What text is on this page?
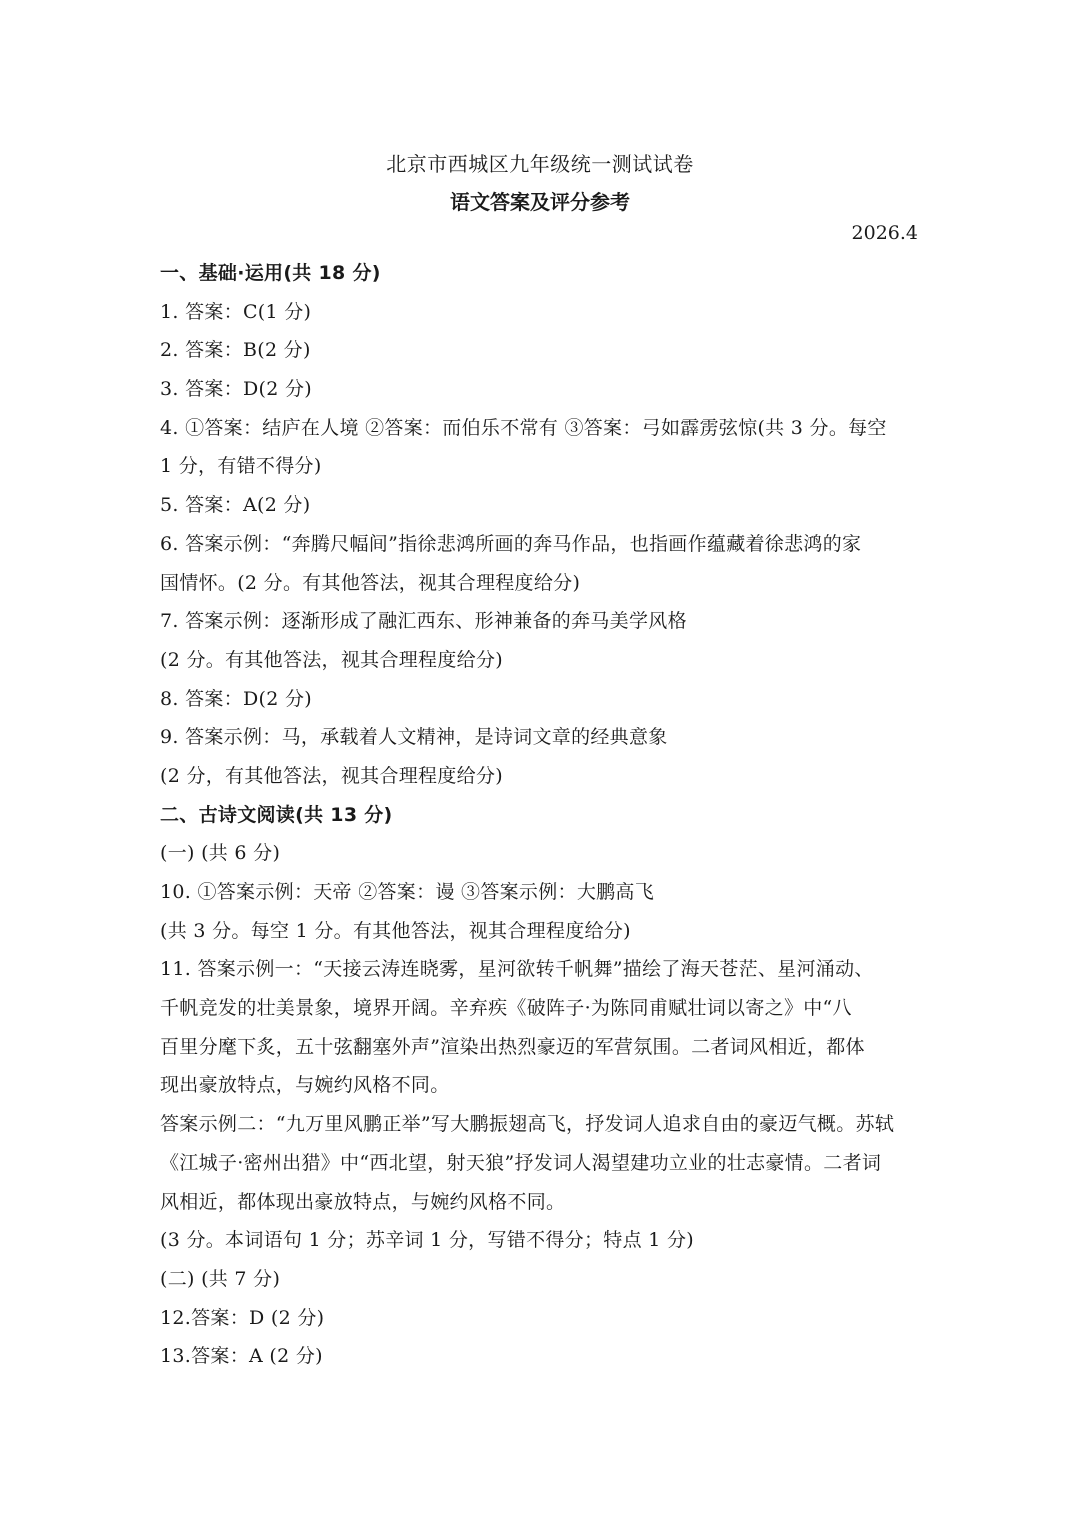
北京市西城区九年级统一测试试卷
语文答案及评分参考
2026.4
一、基础·运用(共 18 分)
1. 答案：C(1 分)
2. 答案：B(2 分)
3. 答案：D(2 分)
4. ①答案：结庐在人境 ②答案：而伯乐不常有 ③答案：弓如霹雳弦惊(共 3 分。每空
1 分，有错不得分)
5. 答案：A(2 分)
6. 答案示例：“奔腾尺幅间”指徐悲鸿所画的奔马作品，也指画作蕴藏着徐悲鸿的家
国情怀。(2 分。有其他答法，视其合理程度给分)
7. 答案示例：逐渐形成了融汇西东、形神兼备的奔马美学风格
(2 分。有其他答法，视其合理程度给分)
8. 答案：D(2 分)
9. 答案示例：马，承载着人文精神，是诗词文章的经典意象
(2 分，有其他答法，视其合理程度给分)
二、古诗文阅读(共 13 分)
(一) (共 6 分)
10. ①答案示例：天帝 ②答案：谩 ③答案示例：大鹏高飞
(共 3 分。每空 1 分。有其他答法，视其合理程度给分)
11. 答案示例一：“天接云涛连晓雾，星河欲转千帆舞”描绘了海天苍茫、星河涌动、
千帆竞发的壮美景象，境界开阔。辛弃疾《破阵子·为陈同甫赋壮词以寄之》中“八
百里分麾下炙，五十弦翻塞外声”渲染出热烈豪迈的军营氛围。二者词风相近，都体
现出豪放特点，与婉约风格不同。
答案示例二：“九万里风鹏正举”写大鹏振翅高飞，抒发词人追求自由的豪迈气概。苏轼
《江城子·密州出猎》中“西北望，射天狼”抒发词人渴望建功立业的壮志豪情。二者词
风相近，都体现出豪放特点，与婉约风格不同。
(3 分。本词语句 1 分；苏辛词 1 分，写错不得分；特点 1 分)
(二) (共 7 分)
12.答案：D (2 分)
13.答案：A (2 分)
